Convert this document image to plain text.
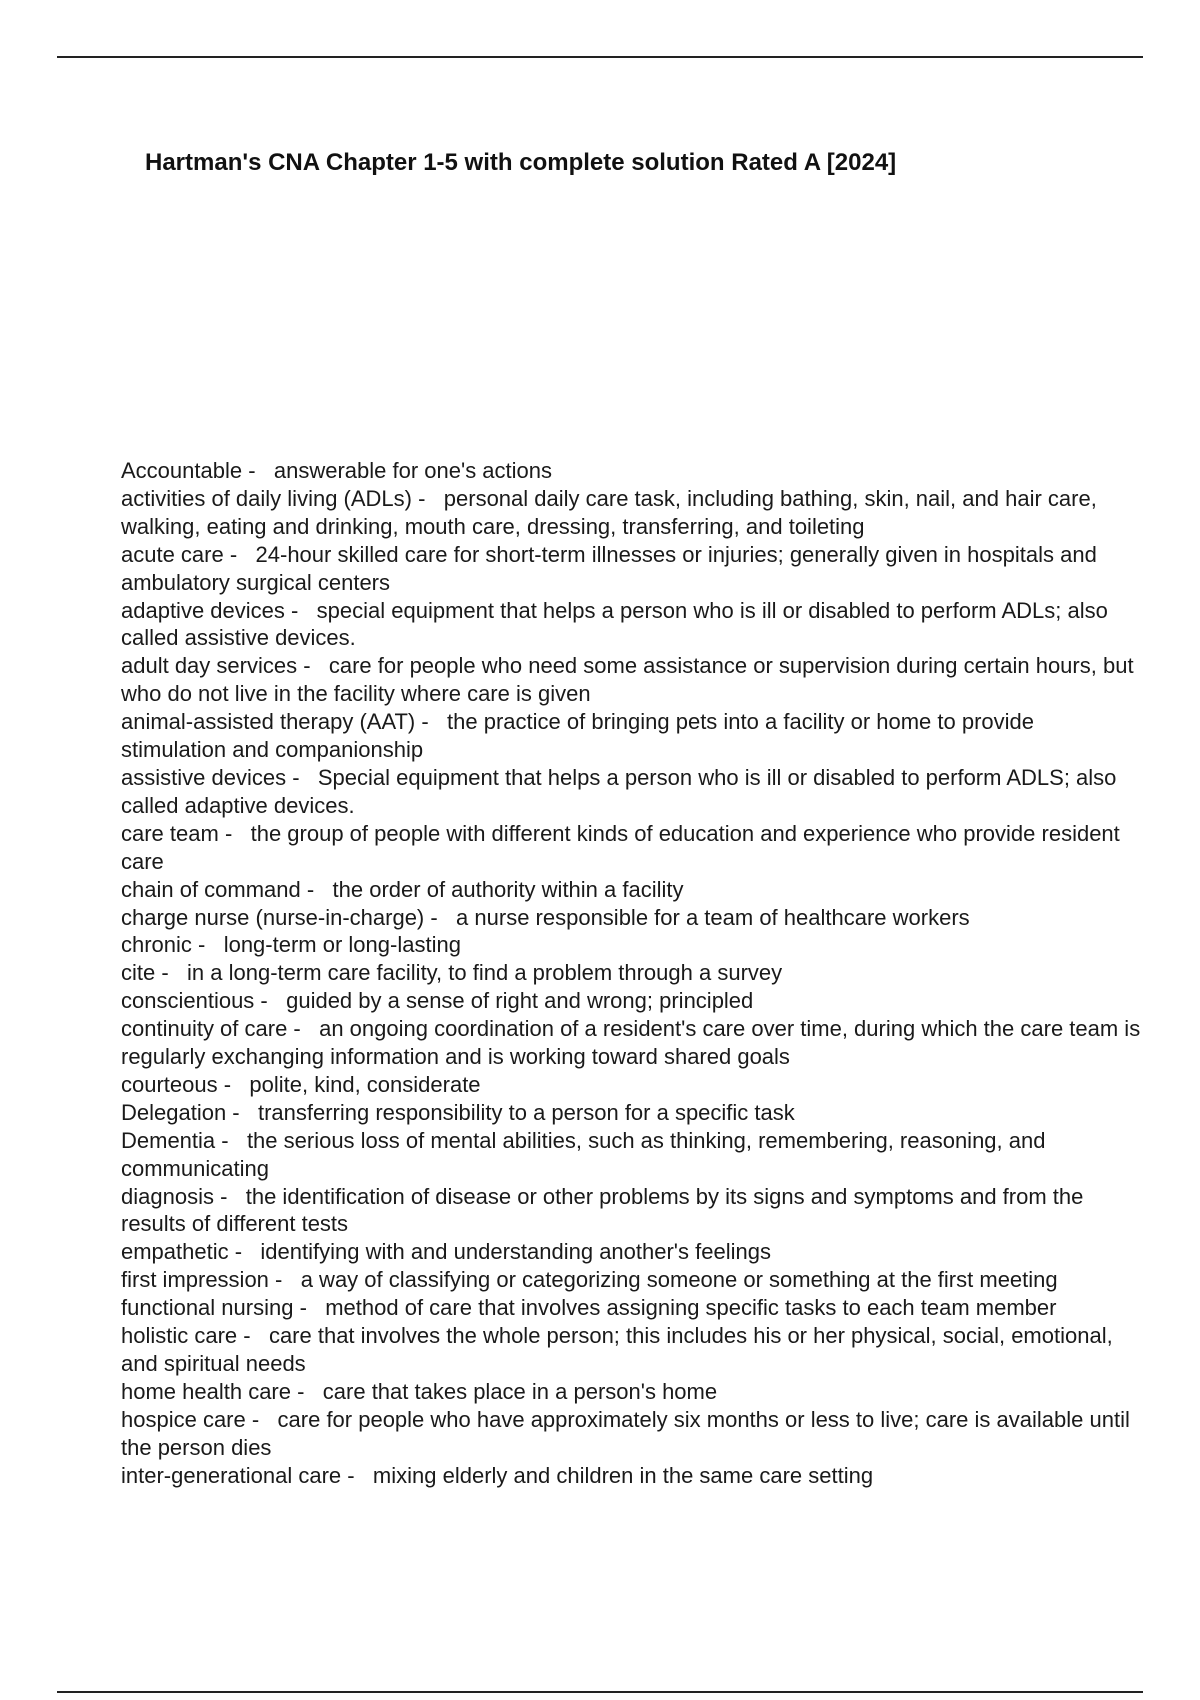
Hartman's CNA Chapter 1-5 with complete solution Rated A [2024]
Accountable -   answerable for one's actions
activities of daily living (ADLs) -   personal daily care task, including bathing, skin, nail, and hair care, walking, eating and drinking, mouth care, dressing, transferring, and toileting
acute care -   24-hour skilled care for short-term illnesses or injuries; generally given in hospitals and ambulatory surgical centers
adaptive devices -   special equipment that helps a person who is ill or disabled to perform ADLs; also called assistive devices.
adult day services -   care for people who need some assistance or supervision during certain hours, but who do not live in the facility where care is given
animal-assisted therapy (AAT) -   the practice of bringing pets into a facility or home to provide stimulation and companionship
assistive devices -   Special equipment that helps a person who is ill or disabled to perform ADLS; also called adaptive devices.
care team -   the group of people with different kinds of education and experience who provide resident care
chain of command -   the order of authority within a facility
charge nurse (nurse-in-charge) -   a nurse responsible for a team of healthcare workers
chronic -   long-term or long-lasting
cite -   in a long-term care facility, to find a problem through a survey
conscientious -   guided by a sense of right and wrong; principled
continuity of care -   an ongoing coordination of a resident's care over time, during which the care team is regularly exchanging information and is working toward shared goals
courteous -   polite, kind, considerate
Delegation -   transferring responsibility to a person for a specific task
Dementia -   the serious loss of mental abilities, such as thinking, remembering, reasoning, and communicating
diagnosis -   the identification of disease or other problems by its signs and symptoms and from the results of different tests
empathetic -   identifying with and understanding another's feelings
first impression -   a way of classifying or categorizing someone or something at the first meeting
functional nursing -   method of care that involves assigning specific tasks to each team member
holistic care -   care that involves the whole person; this includes his or her physical, social, emotional, and spiritual needs
home health care -   care that takes place in a person's home
hospice care -   care for people who have approximately six months or less to live; care is available until the person dies
inter-generational care -   mixing elderly and children in the same care setting
